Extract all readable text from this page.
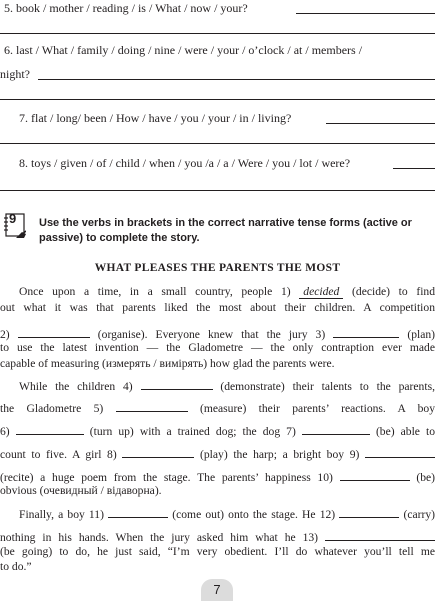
5. book / mother / reading / is / What / now / your?
6. last / What / family / doing / nine / were / your / o’clock / at / members /
night?
7. flat / long/ been / How / have / you / your / in / living?
8. toys / given / of / child / when / you /a / a / Were / you / lot / were?
9 Use the verbs in brackets in the correct narrative tense forms (active or
passive) to complete the story.
WHAT PLEASES THE PARENTS THE MOST
Once upon a time, in a small country, people 1) decided (decide) to find
out what it was that parents liked the most about their children. A competition
2)	(organise). Everyone knew that the jury 3)	(plan)
to use the latest invention — the Gladometre — the only contraption ever made
capable of measuring (измерять / вимірять) how glad the parents were.
While the children 4)	(demonstrate) their talents to the parents,
the Gladometre 5)	(measure) their parents’ reactions. A boy
6)	(turn up) with a trained dog; the dog 7)	(be) able to
count to five. A girl 8)	(play) the harp; a bright boy 9)
(recite) a huge poem from the stage. The parents’ happiness 10)	(be)
obvious (очевидный / відаворна).
Finally, a boy 11)	(come out) onto the stage. He 12)	(carry)
nothing in his hands. When the jury asked him what he 13)
(be going) to do, he just said, “I’m very obedient. I’ll do whatever you’ll tell me
to do.”
7
